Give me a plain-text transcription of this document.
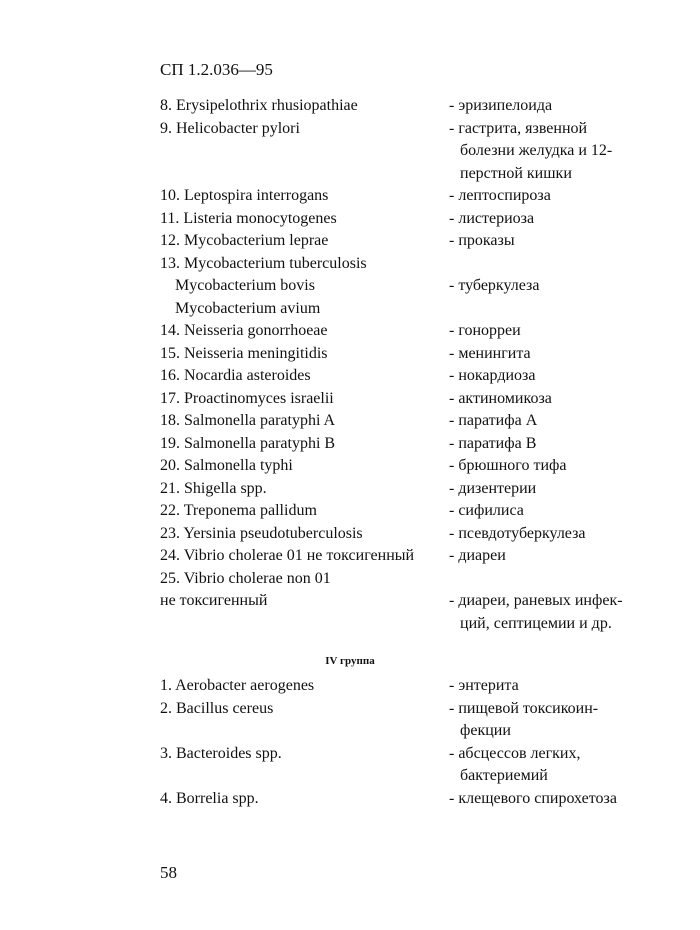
СП 1.2.036—95
8. Erysipelothrix rhusiopathiae	- эризипелоида
9. Helicobacter pylori	- гастрита, язвенной
болезни желудка и 12-
перстной кишки
10. Leptospira interrogans	- лептоспироза
11. Listeria monocytogenes	- листериоза
12. Mycobacterium leprae	- проказы
13. Mycobacterium tuberculosis
Mycobacterium bovis	- туберкулеза
Mycobacterium avium
14. Neisseria gonorrhoeae	- гонорреи
15. Neisseria meningitidis	- менингита
16. Nocardia asteroides	- нокардиоза
17. Proactinomyces israelii	- актиномикоза
18. Salmonella paratyphi A	- паратифа А
19. Salmonella paratyphi B	- паратифа В
20. Salmonella typhi	- брюшного тифа
21. Shigella spp.	- дизентерии
22. Treponema pallidum	- сифилиса
23. Yersinia pseudotuberculosis	- псевдотуберкулеза
24. Vibrio cholerae 01 не токсигенный - диареи
25. Vibrio cholerae non 01
не токсигенный	- диареи, раневых инфек-
ций, септицемии и др.
IV группа
1. Aerobacter aerogenes	- энтерита
2. Bacillus cereus	- пищевой токсикоин-
фекции
3. Bacteroides spp.	- абсцессов легких,
бактериемий
4. Borrelia spp.	- клещевого спирохетоза
58
